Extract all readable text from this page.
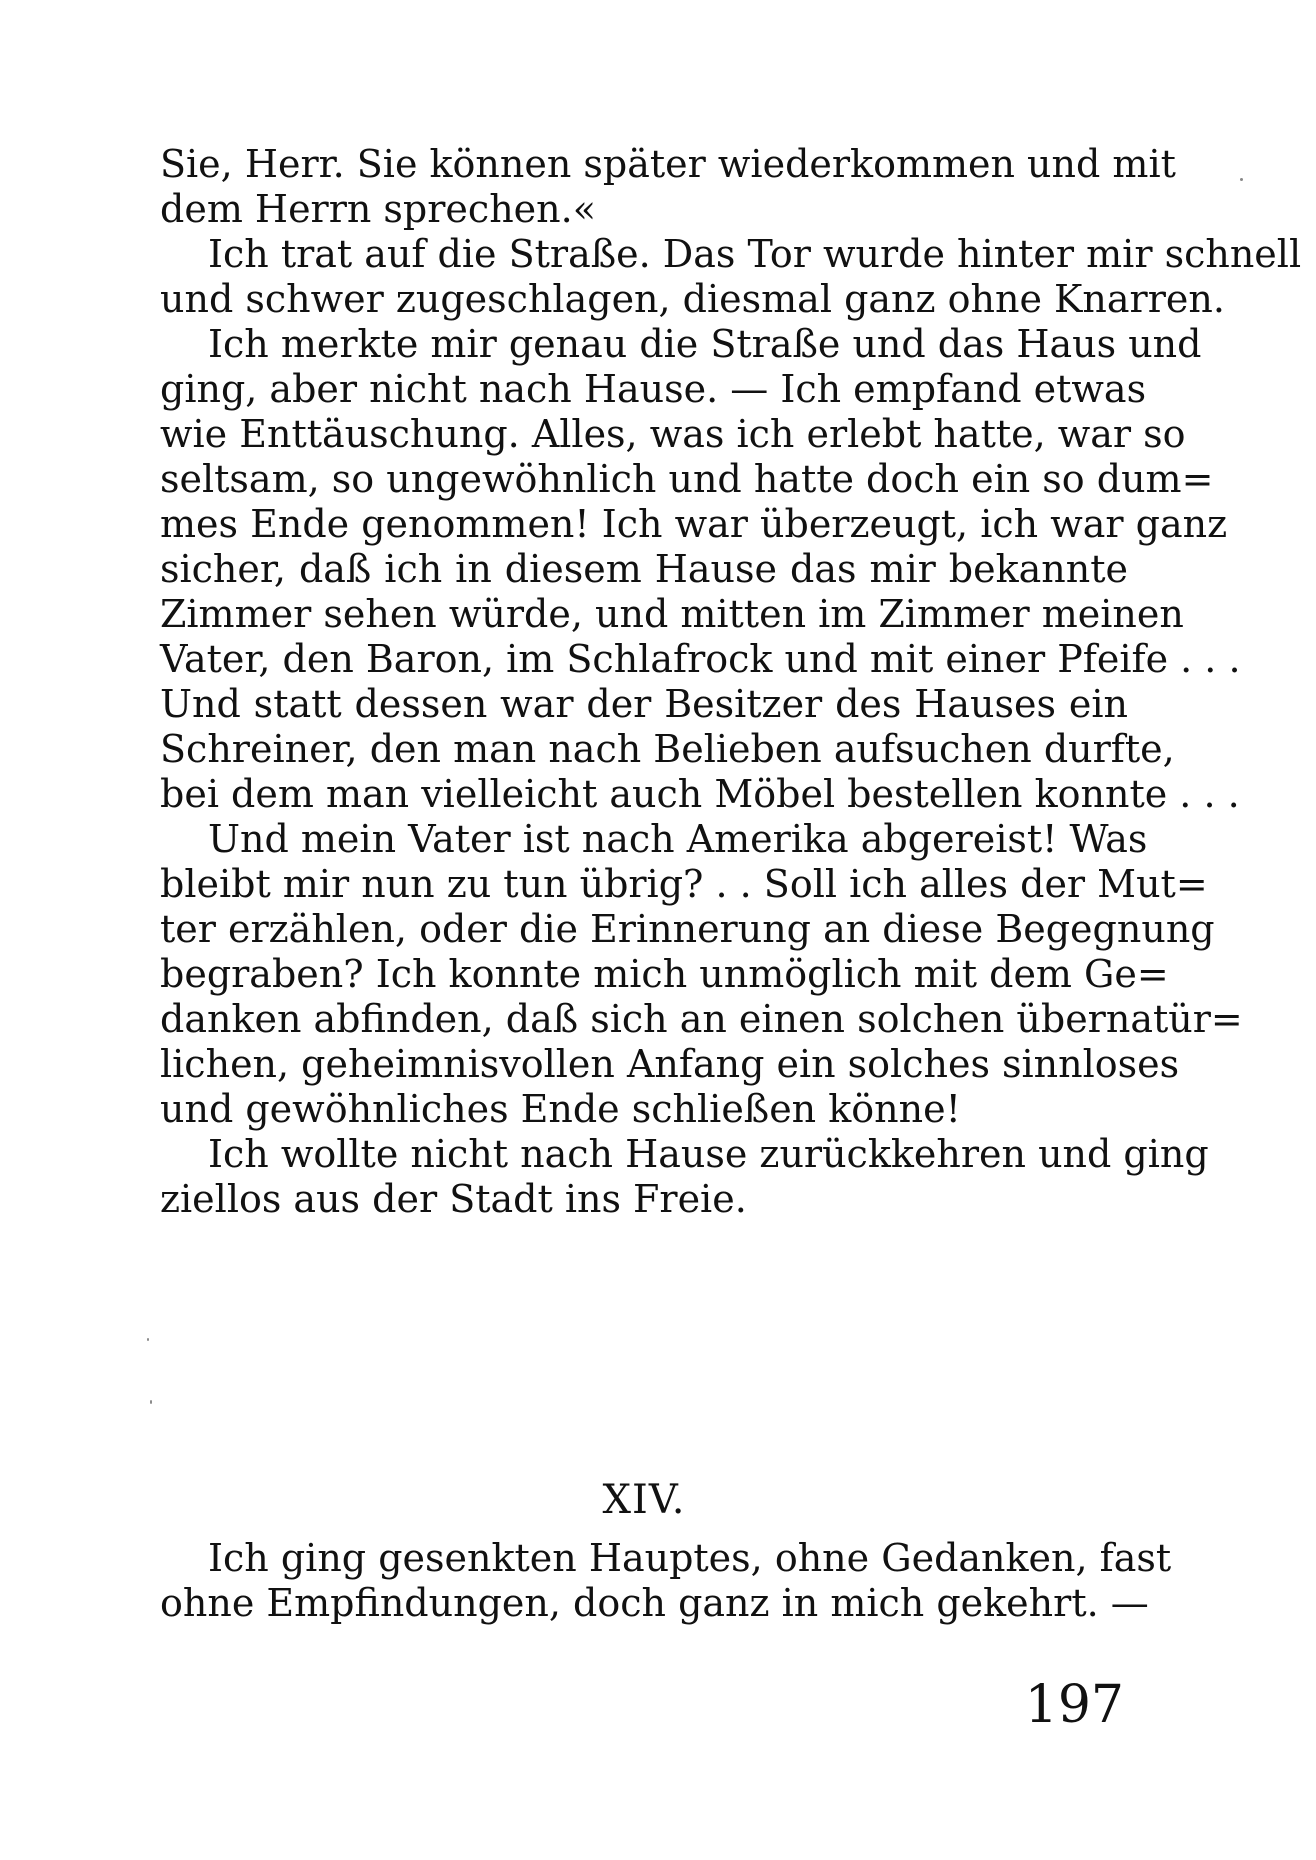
Sie, Herr. Sie können später wiederkommen und mit
dem Herrn sprechen.«
Ich trat auf die Straße. Das Tor wurde hinter mir schnell
und schwer zugeschlagen, diesmal ganz ohne Knarren.
Ich merkte mir genau die Straße und das Haus und
ging, aber nicht nach Hause. — Ich empfand etwas
wie Enttäuschung. Alles, was ich erlebt hatte, war so
seltsam, so ungewöhnlich und hatte doch ein so dum=
mes Ende genommen! Ich war überzeugt, ich war ganz
sicher, daß ich in diesem Hause das mir bekannte
Zimmer sehen würde, und mitten im Zimmer meinen
Vater, den Baron, im Schlafrock und mit einer Pfeife . . .
Und statt dessen war der Besitzer des Hauses ein
Schreiner, den man nach Belieben aufsuchen durfte,
bei dem man vielleicht auch Möbel bestellen konnte . . .
Und mein Vater ist nach Amerika abgereist! Was
bleibt mir nun zu tun übrig? . . Soll ich alles der Mut=
ter erzählen, oder die Erinnerung an diese Begegnung
begraben? Ich konnte mich unmöglich mit dem Ge=
danken abfinden, daß sich an einen solchen übernatür=
lichen, geheimnisvollen Anfang ein solches sinnloses
und gewöhnliches Ende schließen könne!
Ich wollte nicht nach Hause zurückkehren und ging
ziellos aus der Stadt ins Freie.
XIV.
Ich ging gesenkten Hauptes, ohne Gedanken, fast
ohne Empfindungen, doch ganz in mich gekehrt. —
197
